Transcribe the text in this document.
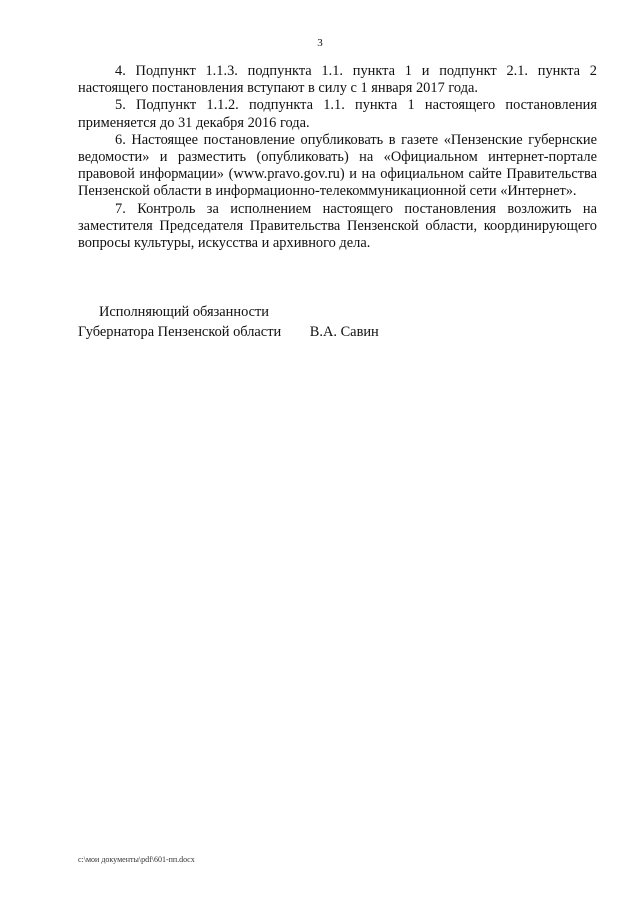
3

4. Подпункт 1.1.3. подпункта 1.1. пункта 1 и подпункт 2.1. пункта 2 настоящего постановления вступают в силу с 1 января 2017 года.

5. Подпункт 1.1.2. подпункта 1.1. пункта 1 настоящего постановления применяется до 31 декабря 2016 года.

6. Настоящее постановление опубликовать в газете «Пензенские губернские ведомости» и разместить (опубликовать) на «Официальном интернет-портале правовой информации» (www.pravo.gov.ru) и на официальном сайте Правительства Пензенской области в информационно-телекоммуникационной сети «Интернет».

7. Контроль за исполнением настоящего постановления возложить на заместителя Председателя Правительства Пензенской области, координирующего вопросы культуры, искусства и архивного дела.

Исполняющий обязанности
Губернатора Пензенской области В.А. Савин
c:\мои документы\pdf\601-пп.docx
